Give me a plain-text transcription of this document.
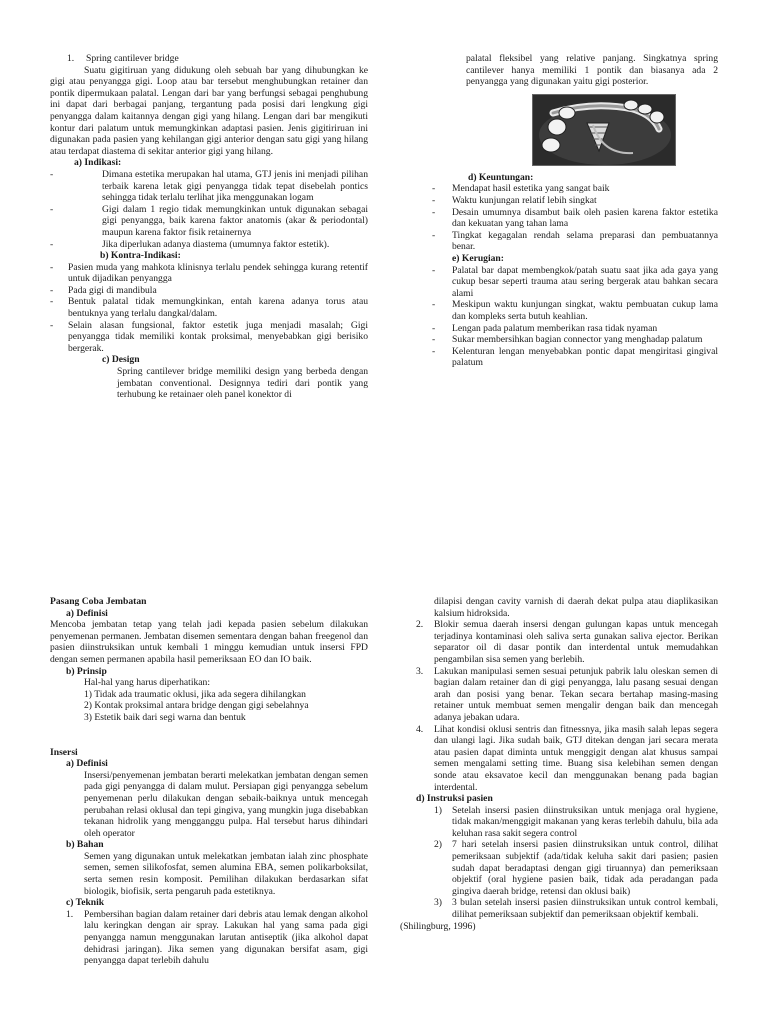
1. Spring cantilever bridge

Suatu gigitiruan yang didukung oleh sebuah bar yang dihubungkan ke gigi atau penyangga gigi. Loop atau bar tersebut menghubungkan retainer dan pontik dipermukaan palatal. Lengan dari bar yang berfungsi sebagai penghubung ini dapat dari berbagai panjang, tergantung pada posisi dari lengkung gigi penyangga dalam kaitannya dengan gigi yang hilang. Lengan dari bar mengikuti kontur dari palatum untuk memungkinkan adaptasi pasien. Jenis gigitiriruan ini digunakan pada pasien yang kehilangan gigi anterior dengan satu gigi yang hilang atau terdapat diastema di sekitar anterior gigi yang hilang.

a) Indikasi:
- Dimana estetika merupakan hal utama, GTJ jenis ini menjadi pilihan terbaik karena letak gigi penyangga tidak tepat disebelah pontics sehingga tidak terlalu terlihat jika menggunakan logam
- Gigi dalam 1 regio tidak memungkinkan untuk digunakan sebagai gigi penyangga, baik karena faktor anatomis (akar & periodontal) maupun karena faktor fisik retainernya
- Jika diperlukan adanya diastema (umumnya faktor estetik).
b) Kontra-Indikasi:
- Pasien muda yang mahkota klinisnya terlalu pendek sehingga kurang retentif untuk dijadikan penyangga
- Pada gigi di mandibula
- Bentuk palatal tidak memungkinkan, entah karena adanya torus atau bentuknya yang terlalu dangkal/dalam.
- Selain alasan fungsional, faktor estetik juga menjadi masalah; Gigi penyangga tidak memiliki kontak proksimal, menyebabkan gigi berisiko bergerak.
c) Design

Spring cantilever bridge memiliki design yang berbeda dengan jembatan conventional. Designnya tediri dari pontik yang terhubung ke retainaer oleh panel konektor di

palatal fleksibel yang relative panjang. Singkatnya spring cantilever hanya memiliki 1 pontik dan biasanya ada 2 penyangga yang digunakan yaitu gigi posterior.

d) Keuntungan:
- Mendapat hasil estetika yang sangat baik
- Waktu kunjungan relatif lebih singkat
- Desain umumnya disambut baik oleh pasien karena faktor estetika dan kekuatan yang tahan lama
- Tingkat kegagalan rendah selama preparasi dan pembuatannya benar.
e) Kerugian:
- Palatal bar dapat membengkok/patah suatu saat jika ada gaya yang cukup besar seperti trauma atau sering bergerak atau bahkan secara alami
- Meskipun waktu kunjungan singkat, waktu pembuatan cukup lama dan kompleks serta butuh keahlian.
- Lengan pada palatum memberikan rasa tidak nyaman
- Sukar membersihkan bagian connector yang menghadap palatum
- Kelenturan lengan menyebabkan pontic dapat mengiritasi gingival palatum
Pasang Coba Jembatan
a) Definisi

Mencoba jembatan tetap yang telah jadi kepada pasien sebelum dilakukan penyemenan permanen. Jembatan disemen sementara dengan bahan freegenol dan pasien diinstruksikan untuk kembali 1 minggu kemudian untuk insersi FPD dengan semen permanen apabila hasil pemeriksaan EO dan IO baik.

b) Prinsip
Hal-hal yang harus diperhatikan:
1) Tidak ada traumatic oklusi, jika ada segera dihilangkan
2) Kontak proksimal antara bridge dengan gigi sebelahnya
3) Estetik baik dari segi warna dan bentuk
Insersi
a) Definisi

Insersi/penyemenan jembatan berarti melekatkan jembatan dengan semen pada gigi penyangga di dalam mulut. Persiapan gigi penyangga sebelum penyemenan perlu dilakukan dengan sebaik-baiknya untuk mencegah perubahan relasi oklusal dan tepi gingiva, yang mungkin juga disebabkan tekanan hidrolik yang mengganggu pulpa. Hal tersebut harus dihindari oleh operator

b) Bahan

Semen yang digunakan untuk melekatkan jembatan ialah zinc phosphate semen, semen silikofosfat, semen alumina EBA, semen polikarboksilat, serta semen resin komposit. Pemilihan dilakukan berdasarkan sifat biologik, biofisik, serta pengaruh pada estetiknya.

c) Teknik
1. Pembersihan bagian dalam retainer dari debris atau lemak dengan alkohol lalu keringkan dengan air spray. Lakukan hal yang sama pada gigi penyangga namun menggunakan larutan antiseptik (jika alkohol dapat dehidrasi jaringan). Jika semen yang digunakan bersifat asam, gigi penyangga dapat terlebih dahulu

dilapisi dengan cavity varnish di daerah dekat pulpa atau diaplikasikan kalsium hidroksida.

2. Blokir semua daerah insersi dengan gulungan kapas untuk mencegah terjadinya kontaminasi oleh saliva serta gunakan saliva ejector. Berikan separator oil di dasar pontik dan interdental untuk memudahkan pengambilan sisa semen yang berlebih.

3. Lakukan manipulasi semen sesuai petunjuk pabrik lalu oleskan semen di bagian dalam retainer dan di gigi penyangga, lalu pasang sesuai dengan arah dan posisi yang benar. Tekan secara bertahap masing-masing retainer untuk membuat semen mengalir dengan baik dan mencegah adanya jebakan udara.

4. Lihat kondisi oklusi sentris dan fitnessnya, jika masih salah lepas segera dan ulangi lagi. Jika sudah baik, GTJ ditekan dengan jari secara merata atau pasien dapat diminta untuk menggigit dengan alat khusus sampai semen mengalami setting time. Buang sisa kelebihan semen dengan sonde atau eksavatoe kecil dan menggunakan benang pada bagian interdental.

d) Instruksi pasien
1) Setelah insersi pasien diinstruksikan untuk menjaga oral hygiene, tidak makan/menggigit makanan yang keras terlebih dahulu, bila ada keluhan rasa sakit segera control

2) 7 hari setelah insersi pasien diinstruksikan untuk control, dilihat pemeriksaan subjektif (ada/tidak keluha sakit dari pasien; pasien sudah dapat beradaptasi dengan gigi tiruannya) dan pemeriksaan objektif (oral hygiene pasien baik, tidak ada peradangan pada gingiva daerah bridge, retensi dan oklusi baik)

3) 3 bulan setelah insersi pasien diinstruksikan untuk control kembali, dilihat pemeriksaan subjektif dan pemeriksaan objektif kembali.

(Shilingburg, 1996)
